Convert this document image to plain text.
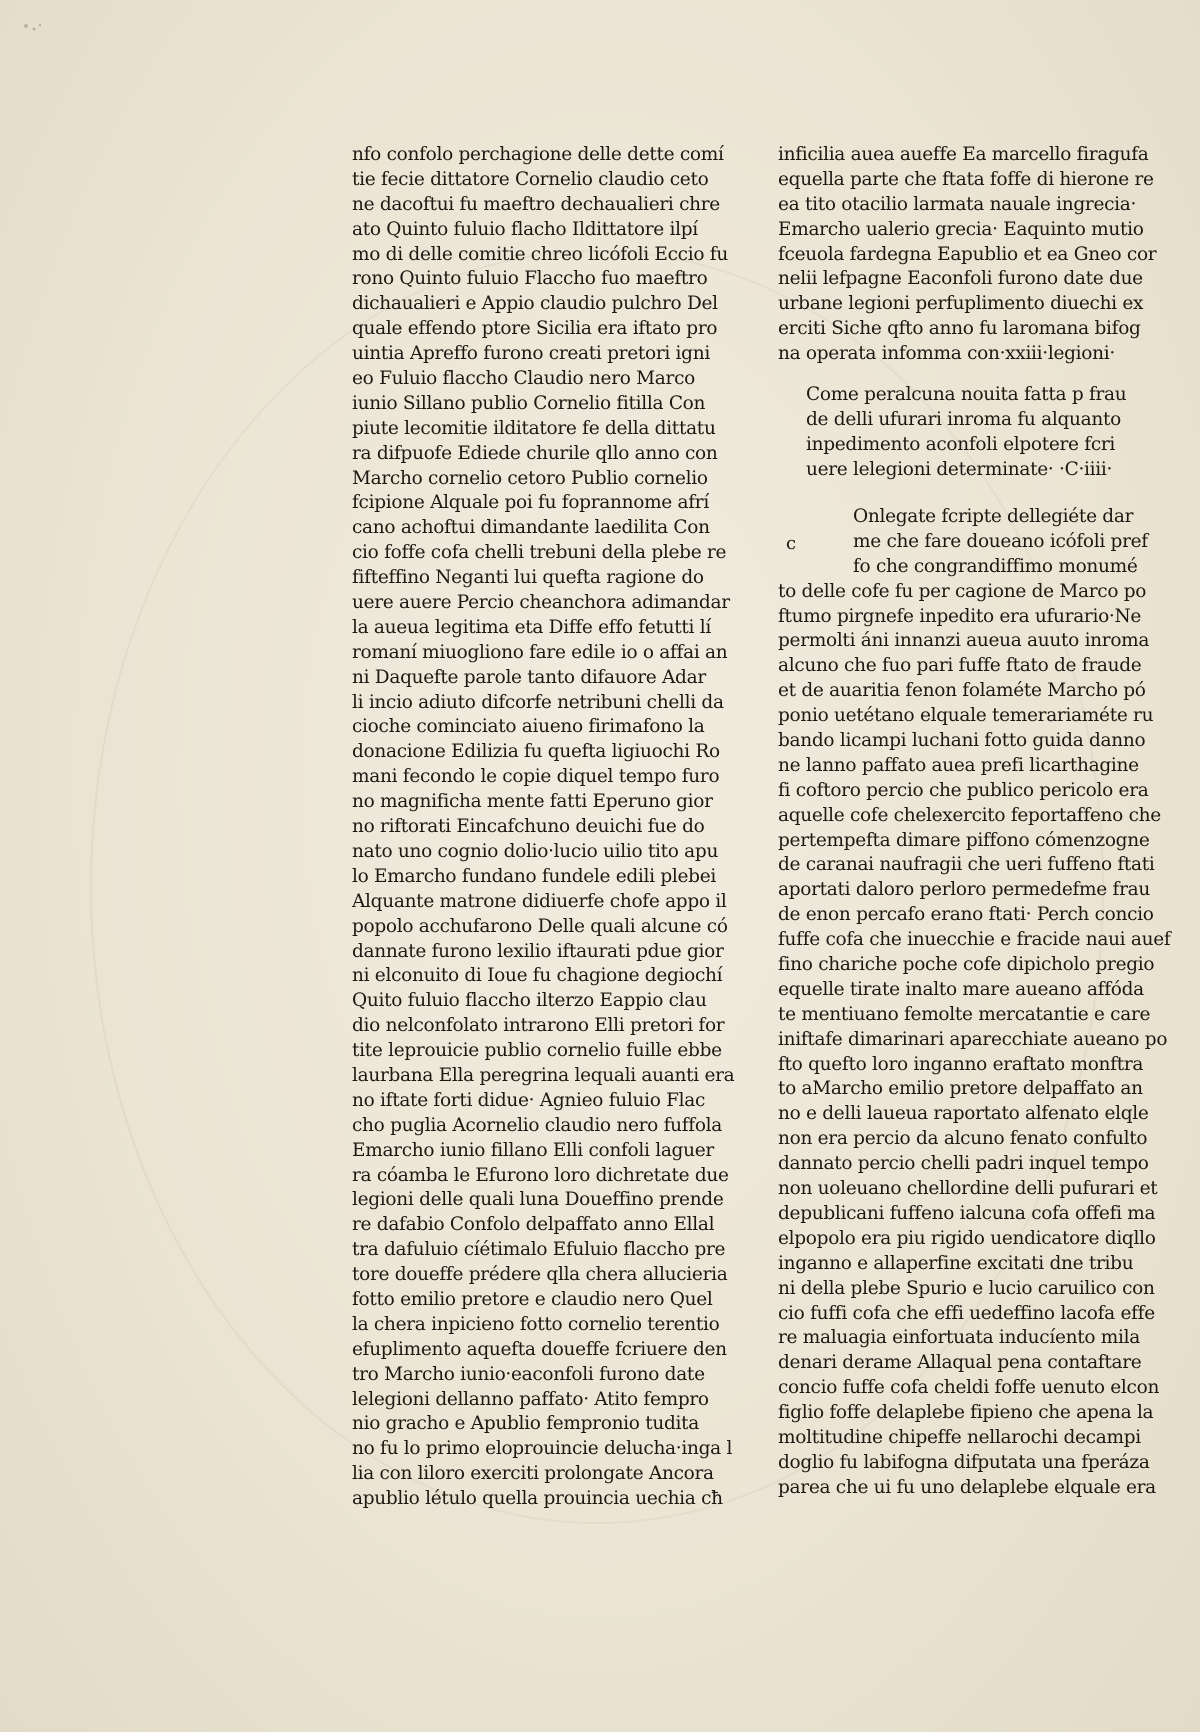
nfo confolo perchagione delle dette comí
tie fecie dittatore Cornelio claudio ceto
ne dacoftui fu maeftro dechaualieri chre
ato Quinto fuluio flacho Ildittatore ilpí
mo di delle comitie chreo licófoli Eccio fu
rono Quinto fuluio Flaccho fuo maeftro
dichaualieri e Appio claudio pulchro Del
quale effendo ptore Sicilia era iftato pro
uintia Apreffo furono creati pretori igni
eo Fuluio flaccho Claudio nero Marco
iunio Sillano publio Cornelio fitilla Con
piute lecomitie ilditatore fe della dittatu
ra difpuofe Ediede churile qllo anno con
Marcho cornelio cetoro Publio cornelio
fcipione Alquale poi fu foprannome afrí
cano achoftui dimandante laedilita Con
cio foffe cofa chelli trebuni della plebe re
fifteffino Neganti lui quefta ragione do
uere auere Percio cheanchora adimandar
la aueua legitima eta Diffe effo fetutti lí
romaní miuogliono fare edile io o affai an
ni Daquefte parole tanto difauore Adar
li incio adiuto difcorfe netribuni chelli da
cioche cominciato aiueno firimafono la
donacione Edilizia fu quefta ligiuochi Ro
mani fecondo le copie diquel tempo furo
no magnificha mente fatti Eperuno gior
no riftorati Eincafchuno deuichi fue do
nato uno cognio dolio·lucio uilio tito apu
lo Emarcho fundano fundele edili plebei
Alquante matrone didiuerfe chofe appo il
popolo acchufarono Delle quali alcune có
dannate furono lexilio iftaurati pdue gior
ni elconuito di Ioue fu chagione degiochí
Quito fuluio flaccho ilterzo Eappio clau
dio nelconfolato intrarono Elli pretori for
tite leprouicie publio cornelio fuille ebbe
laurbana Ella peregrina lequali auanti era
no iftate forti didue· Agnieo fuluio Flac
cho puglia Acornelio claudio nero fuffola
Emarcho iunio fillano Elli confoli laguer
ra cóamba le Efurono loro dichretate due
legioni delle quali luna Doueffino prende
re dafabio Confolo delpaffato anno Ellal
tra dafuluio cíétimalo Efuluio flaccho pre
tore doueffe prédere qlla chera allucieria
fotto emilio pretore e claudio nero Quel
la chera inpicieno fotto cornelio terentio
efuplimento aquefta doueffe fcriuere den
tro Marcho iunio·eaconfoli furono date
lelegioni dellanno paffato· Atito fempro
nio gracho e Apublio fempronio tudita
no fu lo primo eloprouincie delucha·inga l
lia con liloro exerciti prolongate Ancora
apublio létulo quella prouincia uechia cħ
inficilia auea aueffe Ea marcello firagufa
equella parte che ftata foffe di hierone re
ea tito otacilio larmata nauale ingrecia·
Emarcho ualerio grecia· Eaquinto mutio
fceuola fardegna Eapublio et ea Gneo cor
nelii lefpagne Eaconfoli furono date due
urbane legioni perfuplimento diuechi ex
erciti Siche qfto anno fu laromana bifog
na operata infomma con·xxiii·legioni·
Come peralcuna nouita fatta p frau
de delli ufurari inroma fu alquanto
inpedimento aconfoli elpotere fcri
uere lelegioni determinate· ·C·iiii·
c
Onlegate fcripte dellegiéte dar
me che fare doueano icófoli pref
fo che congrandiffimo monumé
to delle cofe fu per cagione de Marco po
ftumo pirgnefe inpedito era ufurario·Ne
permolti áni innanzi aueua auuto inroma
alcuno che fuo pari fuffe ftato de fraude
et de auaritia fenon folaméte Marcho pó
ponio uetétano elquale temerariaméte ru
bando licampi luchani fotto guida danno
ne lanno paffato auea prefi licarthagine
fi coftoro percio che publico pericolo era
aquelle cofe chelexercito feportaffeno che
pertempefta dimare piffono cómenzogne
de caranai naufragii che ueri fuffeno ftati
aportati daloro perloro permedefme frau
de enon percafo erano ftati· Perch concio
fuffe cofa che inuecchie e fracide naui auef
fino chariche poche cofe dipicholo pregio
equelle tirate inalto mare aueano affóda
te mentiuano femolte mercatantie e care
iniftafe dimarinari aparecchiate aueano po
fto quefto loro inganno eraftato monftra
to aMarcho emilio pretore delpaffato an
no e delli laueua raportato alfenato elqle
non era percio da alcuno fenato confulto
dannato percio chelli padri inquel tempo
non uoleuano chellordine delli pufurari et
depublicani fuffeno ialcuna cofa offefi ma
elpopolo era piu rigido uendicatore diqllo
inganno e allaperfine excitati dne tribu
ni della plebe Spurio e lucio caruilico con
cio fuffi cofa che effi uedeffino lacofa effe
re maluagia einfortuata inducíento mila
denari derame Allaqual pena contaftare
concio fuffe cofa cheldi foffe uenuto elcon
figlio foffe delaplebe fipieno che apena la
moltitudine chipeffe nellarochi decampi
doglio fu labifogna difputata una fperáza
parea che ui fu uno delaplebe elquale era
